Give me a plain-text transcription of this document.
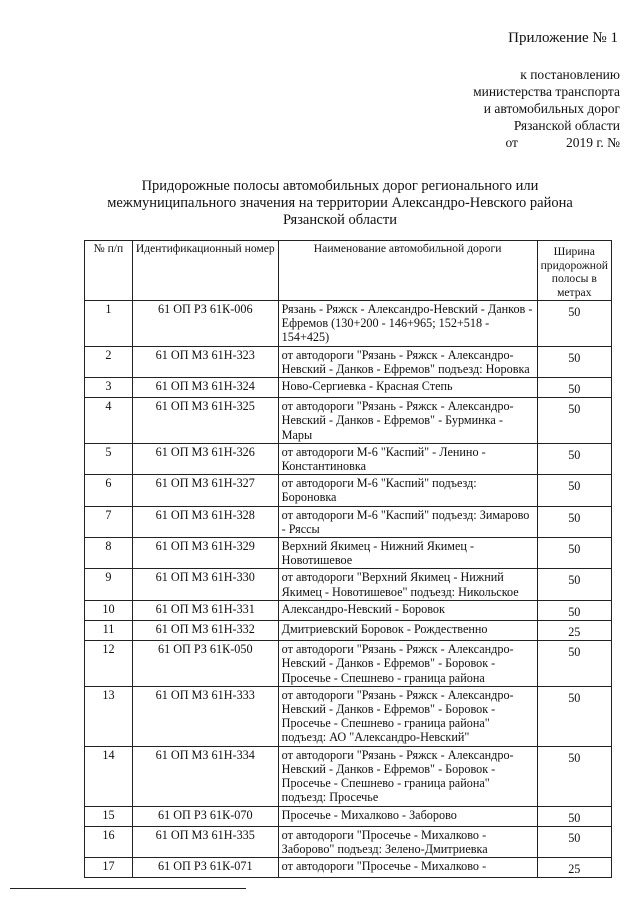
Приложение № 1
к постановлению
министерства транспорта
и автомобильных дорог
Рязанской области
от	2019 г. №
Придорожные полосы автомобильных дорог регионального или
межмуниципального значения на территории Александро-Невского района
Рязанской области
№ п/п	Идентификационный номер	Наименование автомобильной дороги	Ширина придорожной полосы в метрах
1	61 ОП РЗ 61К-006	Рязань - Ряжск - Александро-Невский - Данков - Ефремов (130+200 - 146+965; 152+518 - 154+425)	50
2	61 ОП МЗ 61Н-323	от автодороги "Рязань - Ряжск - Александро-Невский - Данков - Ефремов" подъезд: Норовка	50
3	61 ОП МЗ 61Н-324	Ново-Сергиевка - Красная Степь	50
4	61 ОП МЗ 61Н-325	от автодороги "Рязань - Ряжск - Александро-Невский - Данков - Ефремов" - Бурминка - Мары	50
5	61 ОП МЗ 61Н-326	от автодороги М-6 "Каспий" - Ленино - Константиновка	50
6	61 ОП МЗ 61Н-327	от автодороги М-6 "Каспий" подъезд: Бороновка	50
7	61 ОП МЗ 61Н-328	от автодороги М-6 "Каспий" подъезд: Зимарово - Ряссы	50
8	61 ОП МЗ 61Н-329	Верхний Якимец - Нижний Якимец - Новотишевое	50
9	61 ОП МЗ 61Н-330	от автодороги "Верхний Якимец - Нижний Якимец - Новотишевое" подъезд: Никольское	50
10	61 ОП МЗ 61Н-331	Александро-Невский - Боровок	50
11	61 ОП МЗ 61Н-332	Дмитриевский Боровок - Рождественно	25
12	61 ОП РЗ 61К-050	от автодороги "Рязань - Ряжск - Александро-Невский - Данков - Ефремов" - Боровок - Просечье - Спешнево - граница района	50
13	61 ОП МЗ 61Н-333	от автодороги "Рязань - Ряжск - Александро-Невский - Данков - Ефремов" - Боровок - Просечье - Спешнево - граница района" подъезд: АО "Александро-Невский"	50
14	61 ОП МЗ 61Н-334	от автодороги "Рязань - Ряжск - Александро-Невский - Данков - Ефремов" - Боровок - Просечье - Спешнево - граница района" подъезд: Просечье	50
15	61 ОП РЗ 61К-070	Просечье - Михалково - Заборово	50
16	61 ОП МЗ 61Н-335	от автодороги "Просечье - Михалково - Заборово" подъезд: Зелено-Дмитриевка	50
17	61 ОП РЗ 61К-071	от автодороги "Просечье - Михалково -	25
